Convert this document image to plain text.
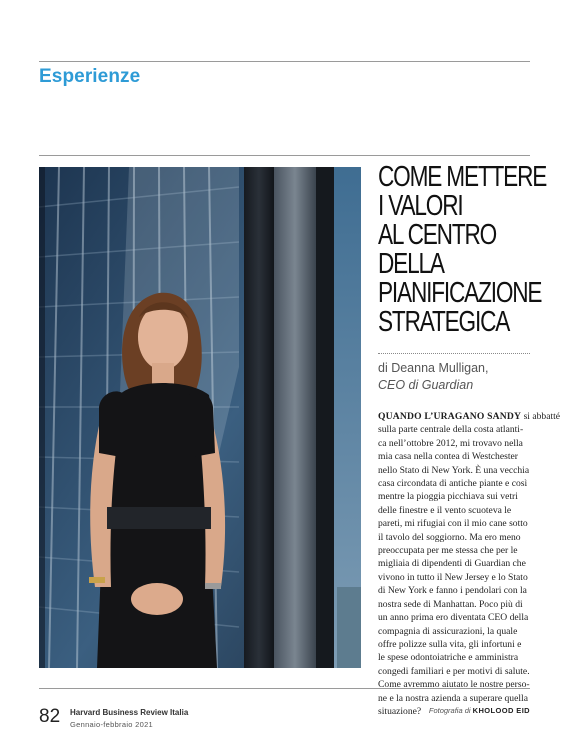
Esperienze
COME METTERE
I VALORI
AL CENTRO
DELLA
PIANIFICAZIONE
STRATEGICA
di Deanna Mulligan,
CEO di Guardian
QUANDO L’URAGANO SANDY si abbatté
sulla parte centrale della costa atlanti-
ca nell’ottobre 2012, mi trovavo nella
mia casa nella contea di Westchester
nello Stato di New York. È una vecchia
casa circondata di antiche piante e così
mentre la pioggia picchiava sui vetri
delle finestre e il vento scuoteva le
pareti, mi rifugiai con il mio cane sotto
il tavolo del soggiorno. Ma ero meno
preoccupata per me stessa che per le
migliaia di dipendenti di Guardian che
vivono in tutto il New Jersey e lo Stato
di New York e fanno i pendolari con la
nostra sede di Manhattan. Poco più di
un anno prima ero diventata CEO della
compagnia di assicurazioni, la quale
offre polizze sulla vita, gli infortuni e
le spese odontoiatriche e amministra
congedi familiari e per motivi di salute.
Come avremmo aiutato le nostre perso-
ne e la nostra azienda a superare quella
situazione?
82 Harvard Business Review Italia
Gennaio-febbraio 2021
Fotografia di KHOLOOD EID
